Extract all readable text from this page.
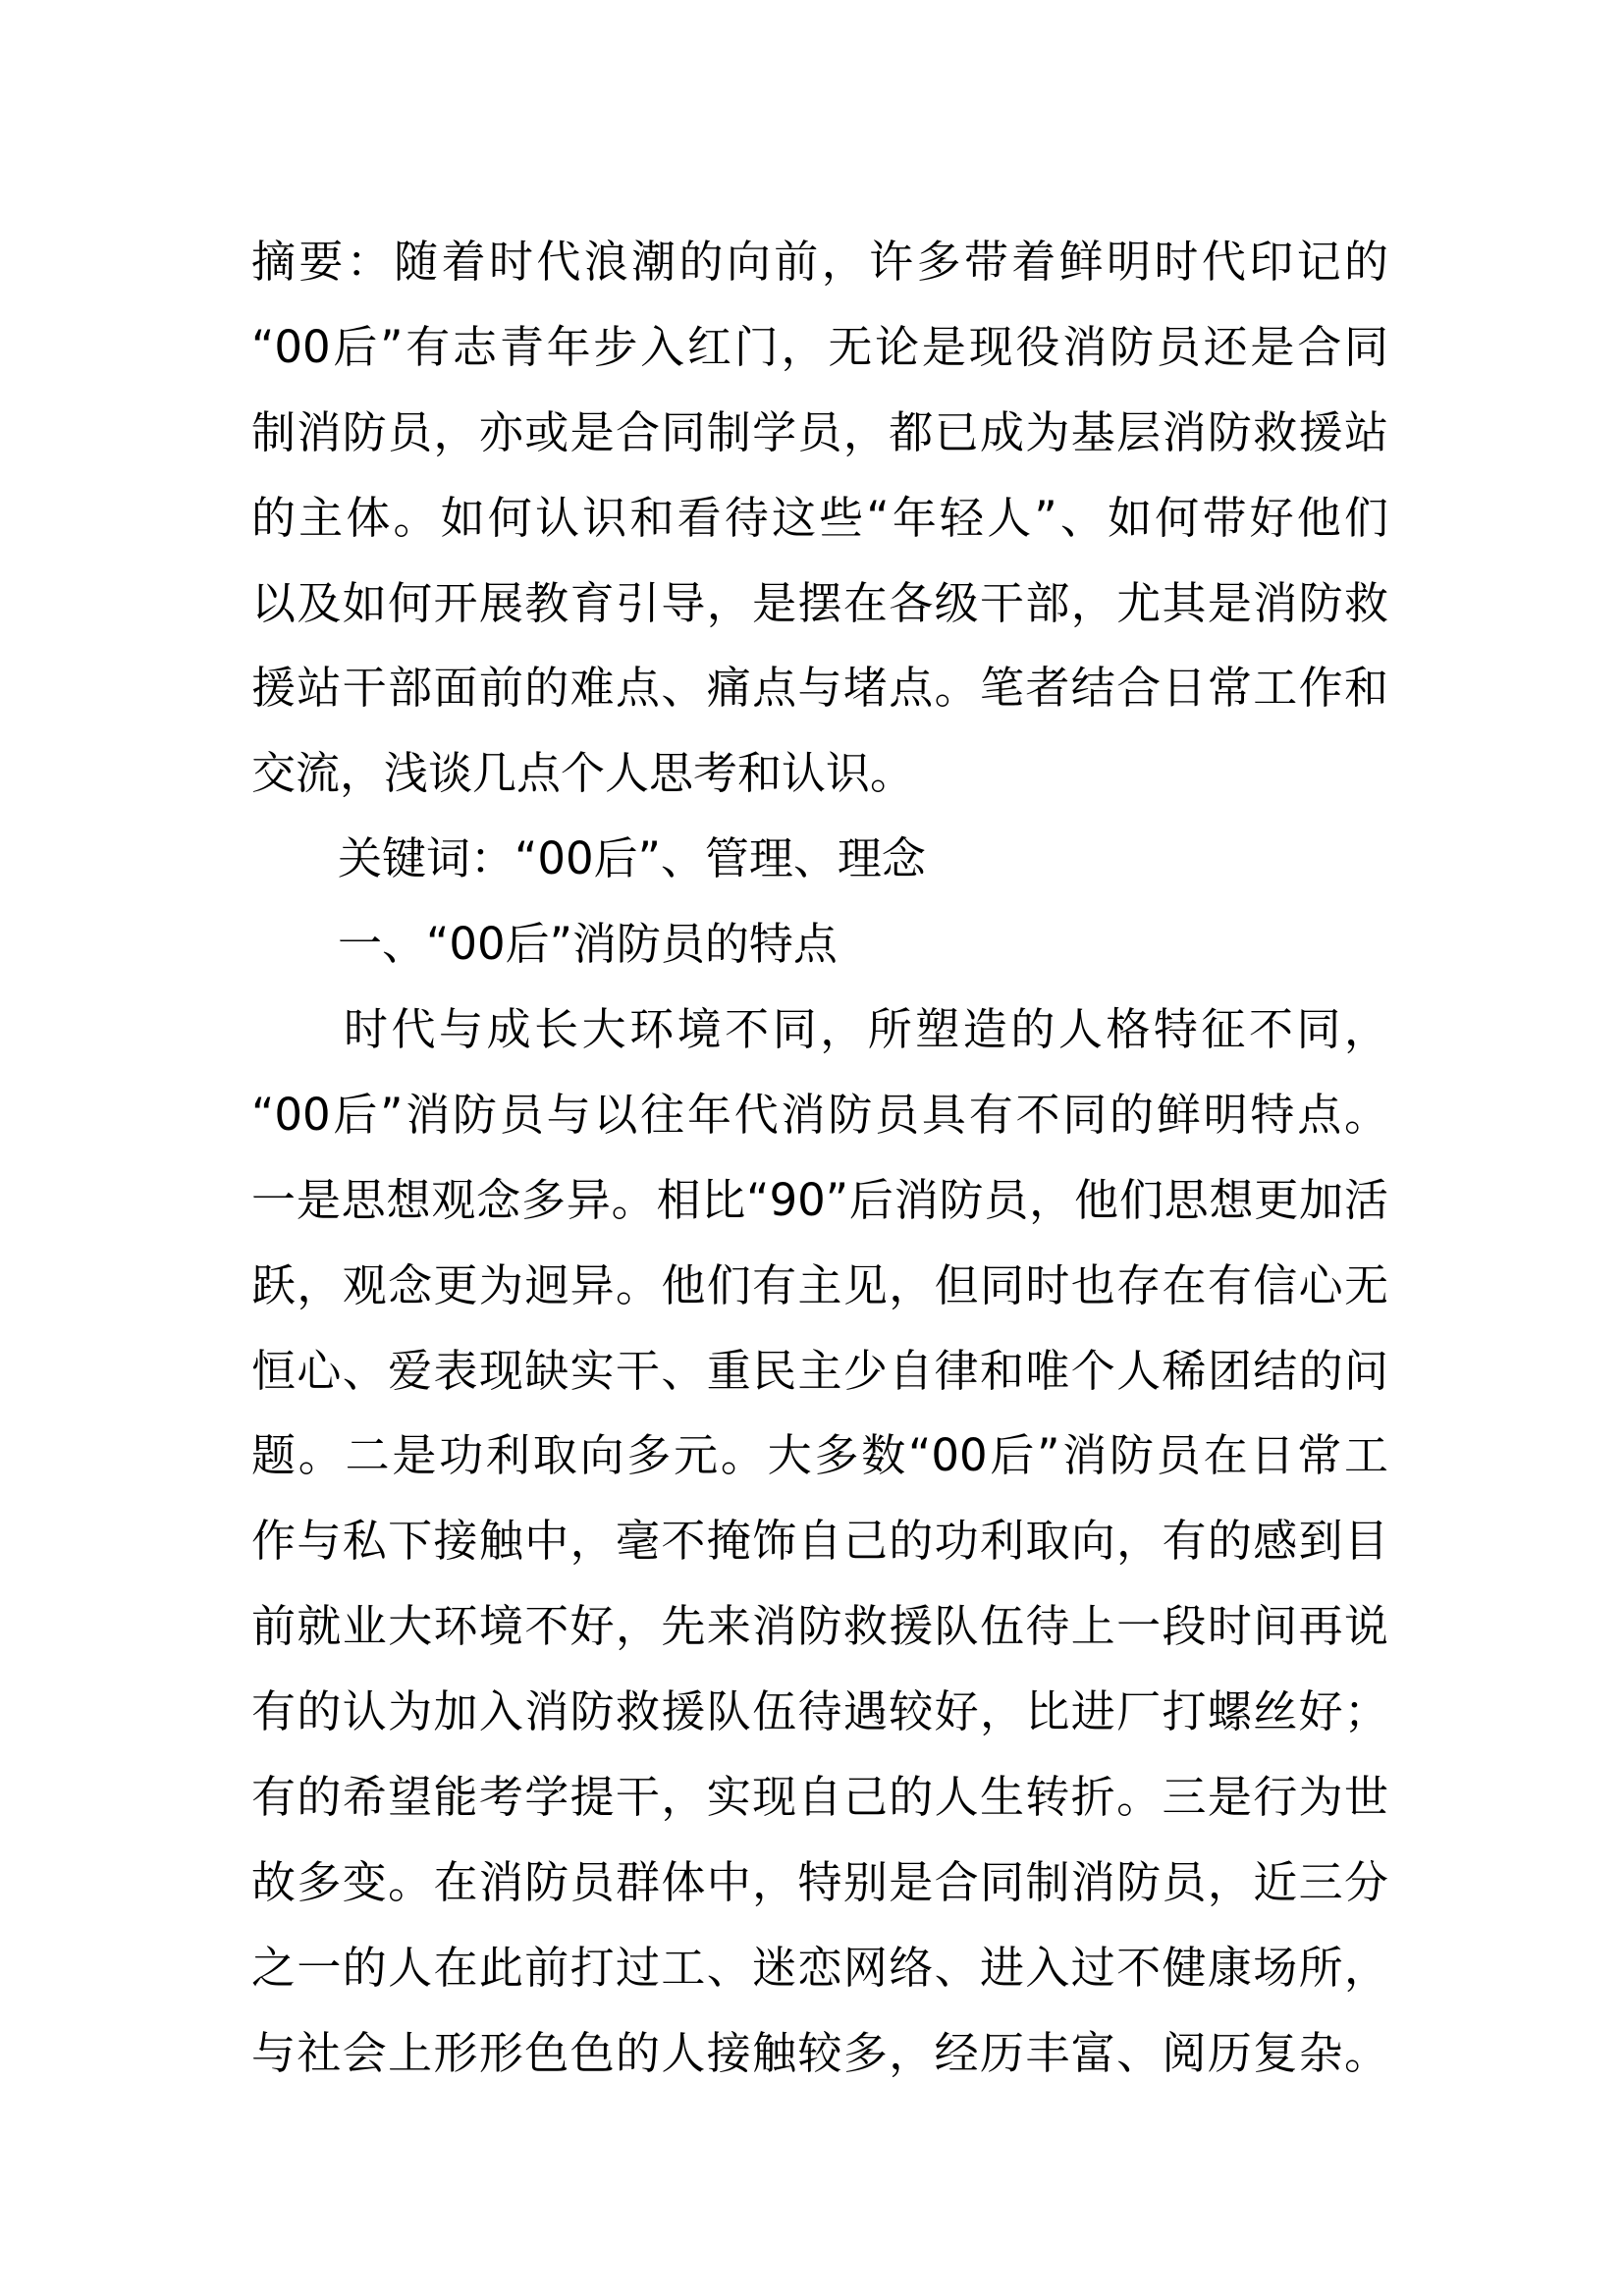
摘要：随着时代浪潮的向前，许多带着鲜明时代印记的
“00后”有志青年步入红门，无论是现役消防员还是合同
制消防员，亦或是合同制学员，都已成为基层消防救援站
的主体。如何认识和看待这些“年轻人”、如何带好他们
以及如何开展教育引导，是摆在各级干部，尤其是消防救
援站干部面前的难点、痛点与堵点。笔者结合日常工作和
交流，浅谈几点个人思考和认识。
关键词：“00后”、管理、理念
一、“00后”消防员的特点
时代与成长大环境不同，所塑造的人格特征不同，
“00后”消防员与以往年代消防员具有不同的鲜明特点。
一是思想观念多异。相比“90”后消防员，他们思想更加活
跃，观念更为迥异。他们有主见，但同时也存在有信心无
恒心、爱表现缺实干、重民主少自律和唯个人稀团结的问
题。二是功利取向多元。大多数“00后”消防员在日常工
作与私下接触中，毫不掩饰自己的功利取向，有的感到目
前就业大环境不好，先来消防救援队伍待上一段时间再说
有的认为加入消防救援队伍待遇较好，比进厂打螺丝好；
有的希望能考学提干，实现自己的人生转折。三是行为世
故多变。在消防员群体中，特别是合同制消防员，近三分
之一的人在此前打过工、迷恋网络、进入过不健康场所，
与社会上形形色色的人接触较多，经历丰富、阅历复杂。
